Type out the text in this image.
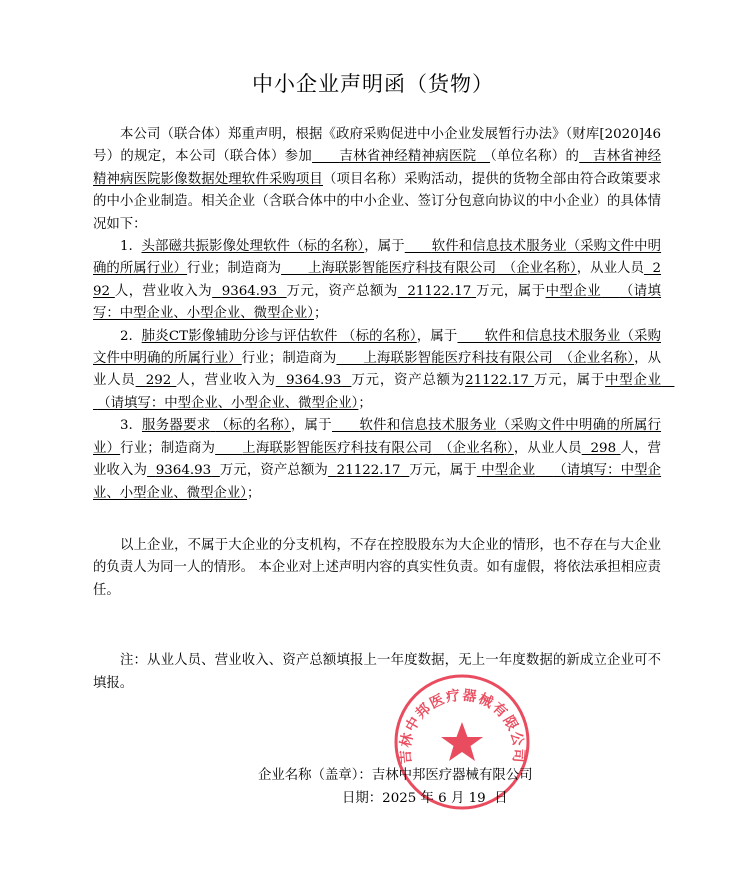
中小企业声明函（货物）

本公司（联合体）郑重声明，根据《政府采购促进中小企业发展暂行办法》（财库[2020]46 号）的规定，本公司（联合体）参加　　 吉林省神经精神病医院　 （单位名称）的　 吉林省神经精神病医院影像数据处理软件采购项目（项目名称）采购活动，提供的货物全部由符合政策要求的中小企业制造。相关企业（含联合体中的中小企业、签订分包意向协议的中小企业）的具体情况如下：

1. 头部磁共振影像处理软件（标的名称），属于　　 软件和信息技术服务业（采购文件中明确的所属行业）行业；制造商为　　 上海联影智能医疗科技有限公司　 （企业名称），从业人员 292 人，营业收入为 9364.93 万元，资产总额为 21122.17 万元，属于中型企业　 （请填写：中型企业、小型企业、微型企业）；

2. 肺炎CT影像辅助分诊与评估软件 （标的名称），属于　　 软件和信息技术服务业（采购文件中明确的所属行业）行业；制造商为　　 上海联影智能医疗科技有限公司　 （企业名称），从业人员 292 人，营业收入为 9364.93 万元，资产总额为21122.17 万元，属于中型企业　 （请填写：中型企业、小型企业、微型企业）；

3. 服务器要求 （标的名称），属于　　 软件和信息技术服务业（采购文件中明确的所属行业）行业；制造商为　　 上海联影智能医疗科技有限公司　 （企业名称），从业人员 298 人，营业收入为 9364.93 万元，资产总额为 21122.17 万元，属于 中型企业　 （请填写：中型企业、小型企业、微型企业）；

以上企业，不属于大企业的分支机构，不存在控股股东为大企业的情形，也不存在与大企业的负责人为同一人的情形。 本企业对上述声明内容的真实性负责。如有虚假，将依法承担相应责任。

注：从业人员、营业收入、资产总额填报上一年度数据，无上一年度数据的新成立企业可不填报。

吉林中邦医疗器械有限公司
企业名称（盖章）：吉林中邦医疗器械有限公司
日期：2025 年 6 月 19 日
